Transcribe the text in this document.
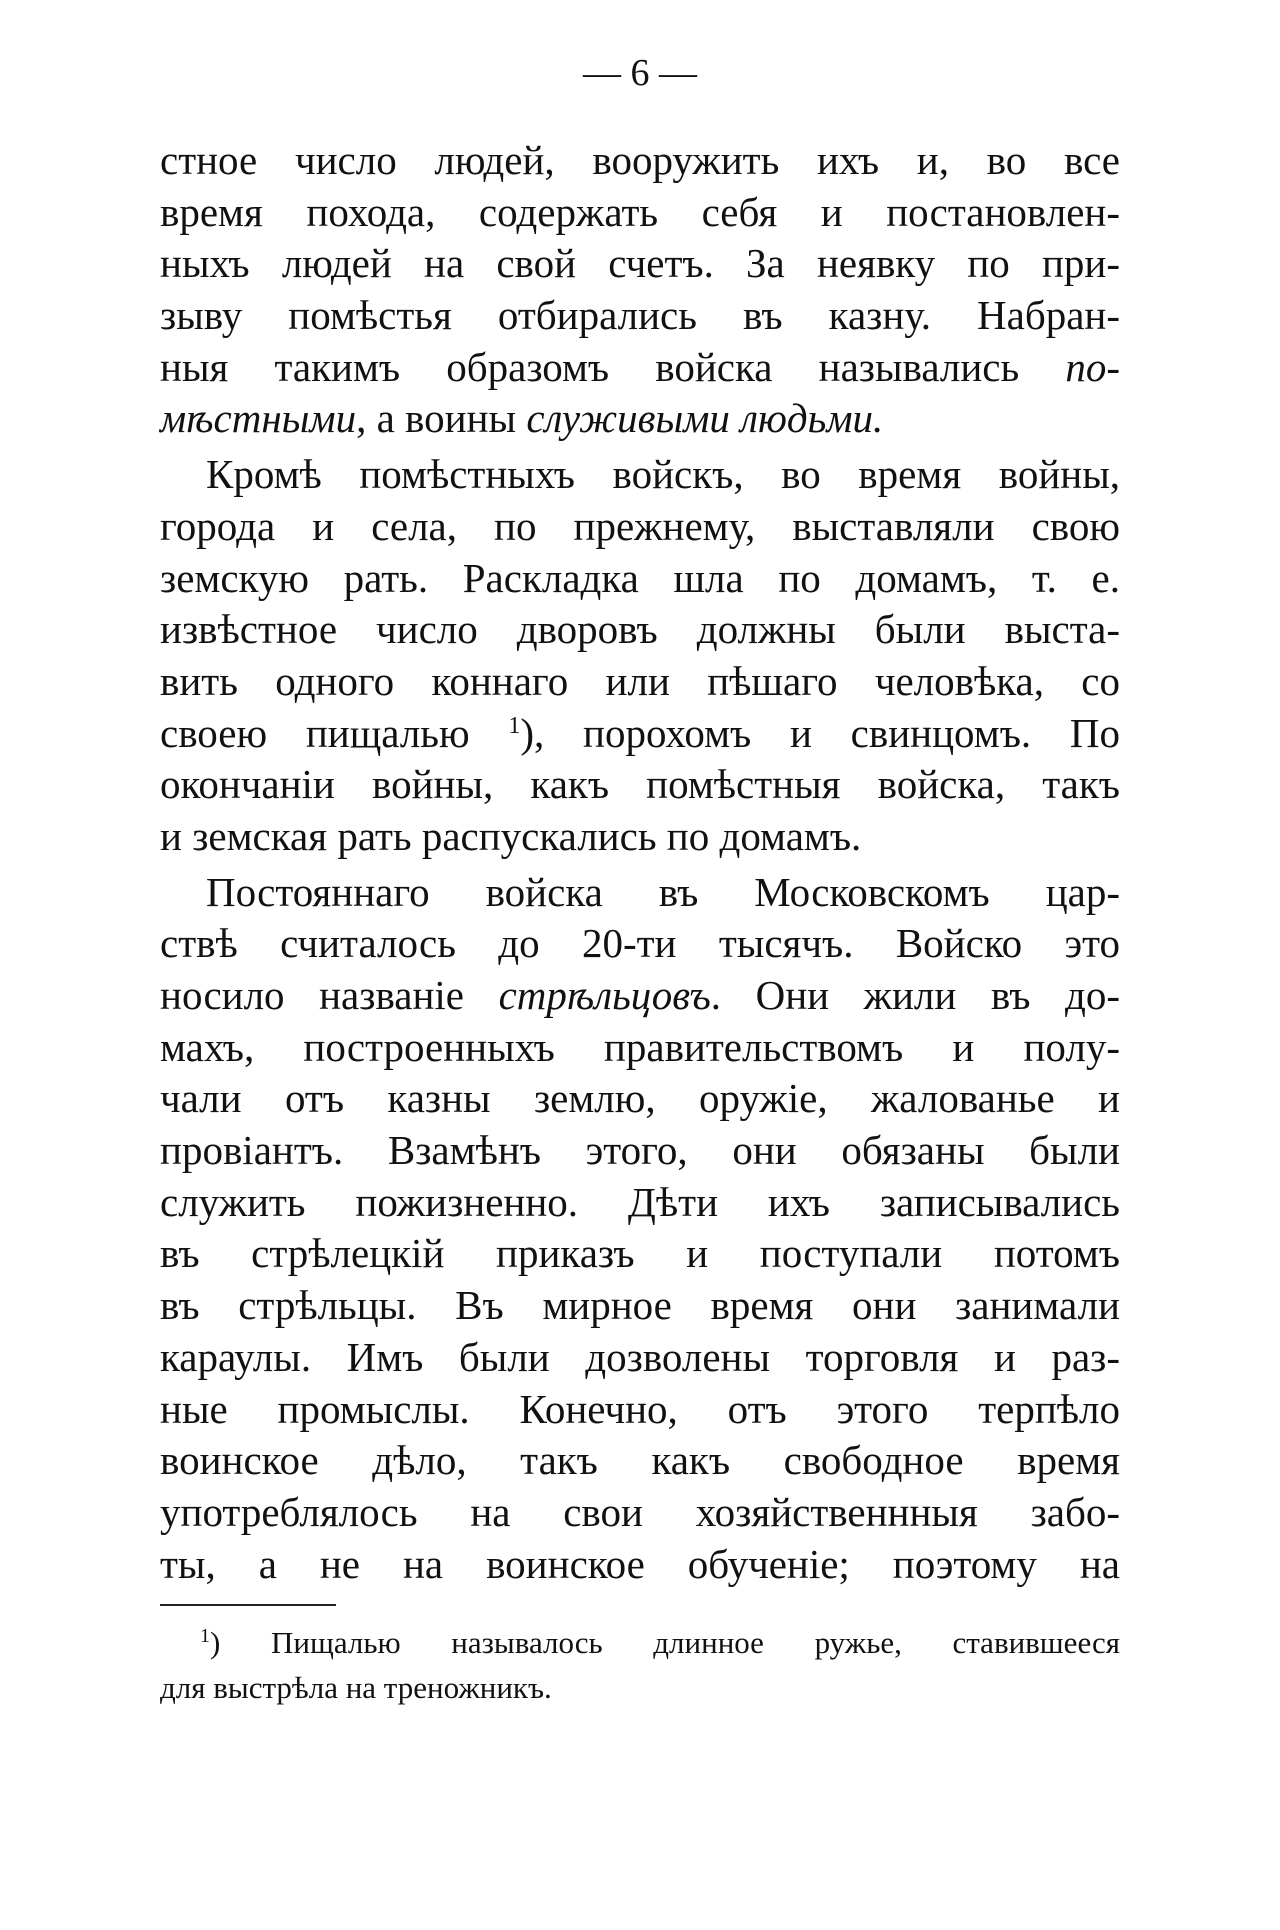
— 6 —
стное число людей, вооружить ихъ и, во все
время похода, содержать себя и постановлен-
ныхъ людей на свой счетъ. За неявку по при-
зыву помѣстья отбирались въ казну. Набран-
ныя такимъ образомъ войска назывались по-
мѣстными, а воины служивыми людьми.
Кромѣ помѣстныхъ войскъ, во время войны,
города и села, по прежнему, выставляли свою
земскую рать. Раскладка шла по домамъ, т. е.
извѣстное число дворовъ должны были выста-
вить одного коннаго или пѣшаго человѣка, со
своею пищалью $^1$), порохомъ и свинцомъ. По
окончанiи войны, какъ помѣстныя войска, такъ
и земская рать распускались по домамъ.
Постояннаго войска въ Московскомъ цар-
ствѣ считалось до 20-ти тысячъ. Войско это
носило названiе стрѣльцовъ. Они жили въ до-
махъ, построенныхъ правительствомъ и полу-
чали отъ казны землю, оружiе, жалованье и
провiантъ. Взамѣнъ этого, они обязаны были
служить пожизненно. Дѣти ихъ записывались
въ стрѣлецкiй приказъ и поступали потомъ
въ стрѣльцы. Въ мирное время они занимали
караулы. Имъ были дозволены торговля и раз-
ные промыслы. Конечно, отъ этого терпѣло
воинское дѣло, такъ какъ свободное время
употреблялось на свои хозяйственнныя забо-
ты, а не на воинское обученiе; поэтому на
$^1$) Пищалью называлось длинное ружье, ставившееся
для выстрѣла на треножникъ.
